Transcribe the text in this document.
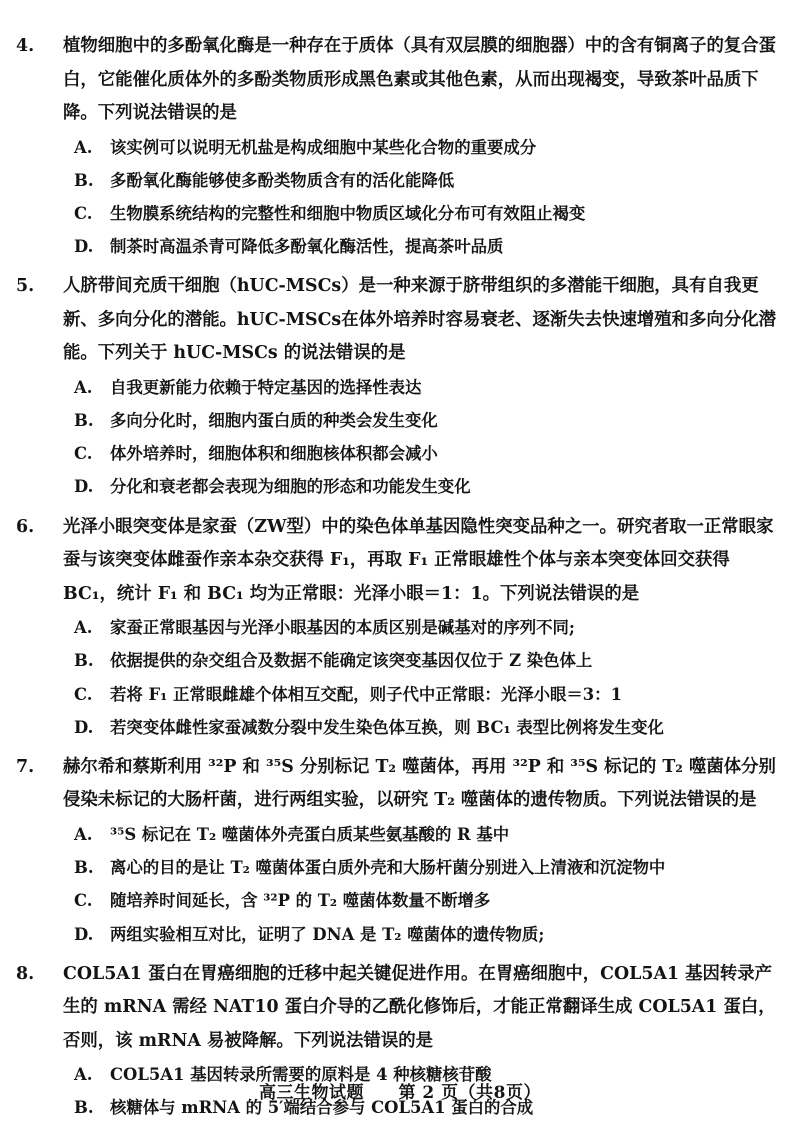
4.	植物细胞中的多酚氧化酶是一种存在于质体（具有双层膜的细胞器）中的含有铜离子的复合蛋白，它能催化质体外的多酚类物质形成黑色素或其他色素，从而出现褐变，导致茶叶品质下降。下列说法错误的是
A.	该实例可以说明无机盐是构成细胞中某些化合物的重要成分
B.	多酚氧化酶能够使多酚类物质含有的活化能降低
C.	生物膜系统结构的完整性和细胞中物质区域化分布可有效阻止褐变
D.	制茶时高温杀青可降低多酚氧化酶活性，提高茶叶品质
5.	人脐带间充质干细胞（hUC-MSCs）是一种来源于脐带组织的多潜能干细胞，具有自我更新、多向分化的潜能。hUC-MSCs在体外培养时容易衰老、逐渐失去快速增殖和多向分化潜能。下列关于 hUC-MSCs 的说法错误的是
A.	自我更新能力依赖于特定基因的选择性表达
B.	多向分化时，细胞内蛋白质的种类会发生变化
C.	体外培养时，细胞体积和细胞核体积都会减小
D.	分化和衰老都会表现为细胞的形态和功能发生变化
6.	光泽小眼突变体是家蚕（ZW型）中的染色体单基因隐性突变品种之一。研究者取一正常眼家蚕与该突变体雌蚕作亲本杂交获得 F₁，再取 F₁ 正常眼雄性个体与亲本突变体回交获得 BC₁，统计 F₁ 和 BC₁ 均为正常眼：光泽小眼＝1：1。下列说法错误的是
A.	家蚕正常眼基因与光泽小眼基因的本质区别是碱基对的序列不同;
B.	依据提供的杂交组合及数据不能确定该突变基因仅位于 Z 染色体上
C.	若将 F₁ 正常眼雌雄个体相互交配，则子代中正常眼：光泽小眼＝3：1
D.	若突变体雌性家蚕减数分裂中发生染色体互换，则 BC₁ 表型比例将发生变化
7.	赫尔希和蔡斯利用 ³²P 和 ³⁵S 分别标记 T₂ 噬菌体，再用 ³²P 和 ³⁵S 标记的 T₂ 噬菌体分别侵染未标记的大肠杆菌，进行两组实验，以研究 T₂ 噬菌体的遗传物质。下列说法错误的是
A.	³⁵S 标记在 T₂ 噬菌体外壳蛋白质某些氨基酸的 R 基中
B.	离心的目的是让 T₂ 噬菌体蛋白质外壳和大肠杆菌分别进入上清液和沉淀物中
C.	随培养时间延长，含 ³²P 的 T₂ 噬菌体数量不断增多
D.	两组实验相互对比，证明了 DNA 是 T₂ 噬菌体的遗传物质;
8.	COL5A1 蛋白在胃癌细胞的迁移中起关键促进作用。在胃癌细胞中，COL5A1 基因转录产生的 mRNA 需经 NAT10 蛋白介导的乙酰化修饰后，才能正常翻译生成 COL5A1 蛋白，否则，该 mRNA 易被降解。下列说法错误的是
A.	COL5A1 基因转录所需要的原料是 4 种核糖核苷酸
B.	核糖体与 mRNA 的 5′端结合参与 COL5A1 蛋白的合成
高三生物试题 第 2 页（共8页）
